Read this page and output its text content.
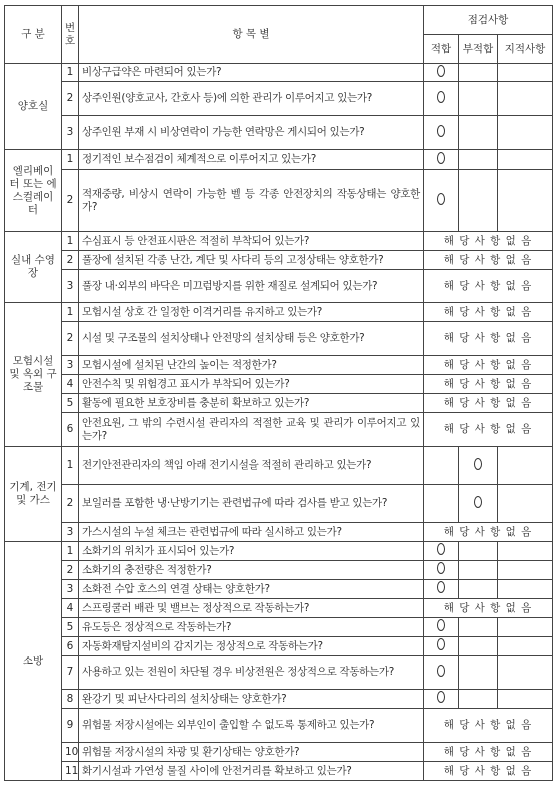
구 분	번호	항 목 별	점검사항		
			적합	부적합	지적사항
양호실	1	비상구급약은 마련되어 있는가?			
	2	상주인원(양호교사, 간호사 등)에 의한 관리가 이루어지고 있는가?			
	3	상주인원 부재 시 비상연락이 가능한 연락망은 게시되어 있는가?			
엘리베이터 또는 에스컬레이터	1	정기적인 보수점검이 체계적으로 이루어지고 있는가?			
	2	적재중량, 비상시 연락이 가능한 벨 등 각종 안전장치의 작동상태는 양호한가?			
실내 수영장	1	수심표시 등 안전표시판은 적절히 부착되어 있는가?	해 당 사 항 없 음		
	2	풀장에 설치된 각종 난간, 계단 및 사다리 등의 고정상태는 양호한가?	해 당 사 항 없 음		
	3	풀장 내·외부의 바닥은 미끄럼방지를 위한 재질로 설계되어 있는가?	해 당 사 항 없 음		
모험시설 및 옥외 구조물	1	모험시설 상호 간 일정한 이격거리를 유지하고 있는가?	해 당 사 항 없 음		
	2	시설 및 구조물의 설치상태나 안전망의 설치상태 등은 양호한가?	해 당 사 항 없 음		
	3	모험시설에 설치된 난간의 높이는 적정한가?	해 당 사 항 없 음		
	4	안전수칙 및 위험경고 표시가 부착되어 있는가?	해 당 사 항 없 음		
	5	활동에 필요한 보호장비를 충분히 확보하고 있는가?	해 당 사 항 없 음		
	6	안전요원, 그 밖의 수련시설 관리자의 적절한 교육 및 관리가 이루어지고 있는가?	해 당 사 항 없 음		
기계, 전기 및 가스	1	전기안전관리자의 책임 아래 전기시설을 적절히 관리하고 있는가?			
	2	보일러를 포함한 냉·난방기기는 관련법규에 따라 검사를 받고 있는가?			
	3	가스시설의 누설 체크는 관련법규에 따라 실시하고 있는가?	해 당 사 항 없 음		
소방	1	소화기의 위치가 표시되어 있는가?			
	2	소화기의 충전량은 적정한가?			
	3	소화전 수압 호스의 연결 상태는 양호한가?			
	4	스프링쿨러 배관 및 밸브는 정상적으로 작동하는가?	해 당 사 항 없 음		
	5	유도등은 정상적으로 작동하는가?			
	6	자동화재탐지설비의 감지기는 정상적으로 작동하는가?			
	7	사용하고 있는 전원이 차단될 경우 비상전원은 정상적으로 작동하는가?			
	8	완강기 및 피난사다리의 설치상태는 양호한가?			
	9	위험물 저장시설에는 외부인이 출입할 수 없도록 통제하고 있는가?	해 당 사 항 없 음		
	10	위험물 저장시설의 차광 및 환기상태는 양호한가?	해 당 사 항 없 음		
	11	화기시설과 가연성 물질 사이에 안전거리를 확보하고 있는가?	해 당 사 항 없 음		
